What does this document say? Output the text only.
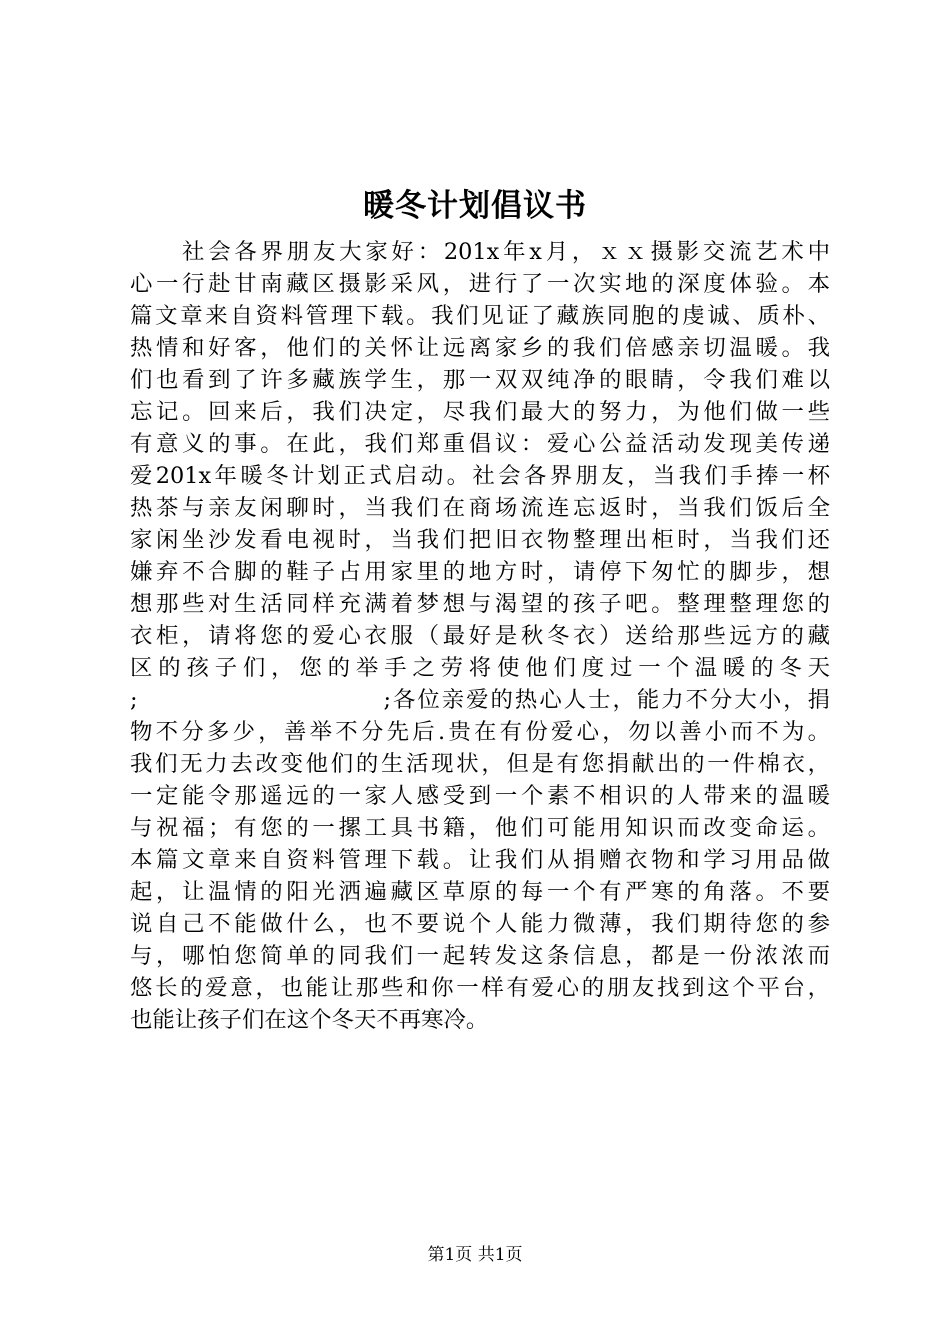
暖冬计划倡议书
社会各界朋友大家好：201x年x月，ｘｘ摄影交流艺术中
心一行赴甘南藏区摄影采风，进行了一次实地的深度体验。本
篇文章来自资料管理下载。我们见证了藏族同胞的虔诚、质朴、
热情和好客，他们的关怀让远离家乡的我们倍感亲切温暖。我
们也看到了许多藏族学生，那一双双纯净的眼睛，令我们难以
忘记。回来后，我们决定，尽我们最大的努力，为他们做一些
有意义的事。在此，我们郑重倡议：爱心公益活动发现美传递
爱201x年暖冬计划正式启动。社会各界朋友，当我们手捧一杯
热茶与亲友闲聊时，当我们在商场流连忘返时，当我们饭后全
家闲坐沙发看电视时，当我们把旧衣物整理出柜时，当我们还
嫌弃不合脚的鞋子占用家里的地方时，请停下匆忙的脚步，想
想那些对生活同样充满着梦想与渴望的孩子吧。整理整理您的
衣柜，请将您的爱心衣服（最好是秋冬衣）送给那些远方的藏
区的孩子们，您的举手之劳将使他们度过一个温暖的冬天
;　　　　　　　　　　;各位亲爱的热心人士，能力不分大小，捐
物不分多少，善举不分先后.贵在有份爱心，勿以善小而不为。
我们无力去改变他们的生活现状，但是有您捐献出的一件棉衣，
一定能令那遥远的一家人感受到一个素不相识的人带来的温暖
与祝福；有您的一摞工具书籍，他们可能用知识而改变命运。
本篇文章来自资料管理下载。让我们从捐赠衣物和学习用品做
起，让温情的阳光洒遍藏区草原的每一个有严寒的角落。不要
说自己不能做什么，也不要说个人能力微薄，我们期待您的参
与，哪怕您简单的同我们一起转发这条信息，都是一份浓浓而
悠长的爱意，也能让那些和你一样有爱心的朋友找到这个平台，
也能让孩子们在这个冬天不再寒冷。
第1页 共1页
